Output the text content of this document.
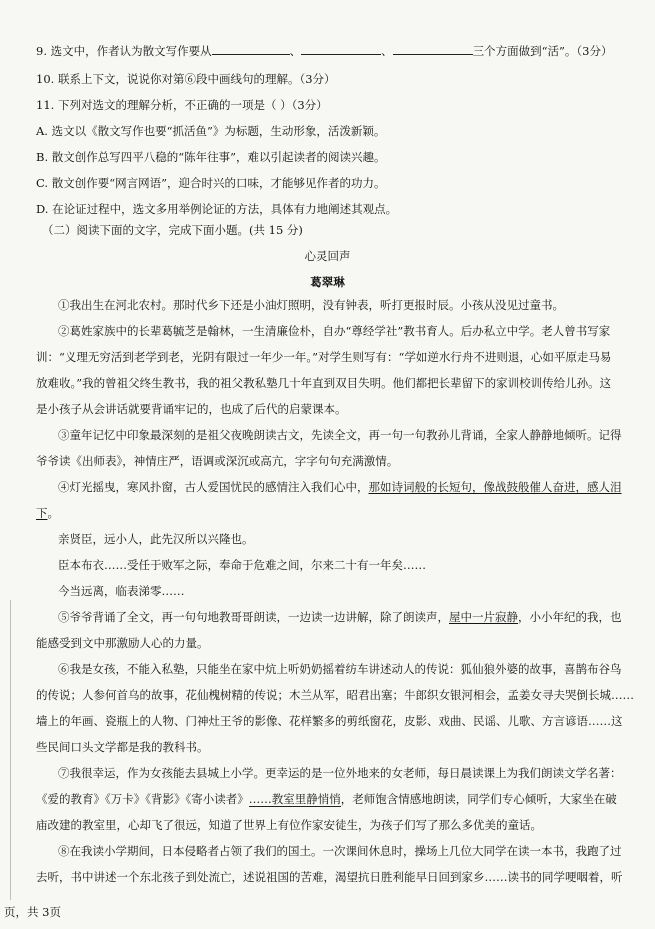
9. 选文中，作者认为散文写作要从	、	、	三个方面做到“活”。（3分）
10. 联系上下文，说说你对第⑥段中画线句的理解。（3分）
11. 下列对选文的理解分析，不正确的一项是（ ）（3分）
A. 选文以《散文写作也要“抓活鱼”》为标题，生动形象，活泼新颖。
B. 散文创作总写四平八稳的“陈年往事”，难以引起读者的阅读兴趣。
C. 散文创作要“网言网语”，迎合时兴的口味，才能够见作者的功力。
D. 在论证过程中，选文多用举例论证的方法，具体有力地阐述其观点。
（二）阅读下面的文字，完成下面小题。(共 15 分)
心灵回声
葛翠琳
①我出生在河北农村。那时代乡下还是小油灯照明，没有钟表，听打更报时辰。小孩从没见过童书。
②葛姓家族中的长辈葛毓芝是翰林，一生清廉俭朴，自办“尊经学社”教书育人。后办私立中学。老人曾书写家
训：“义理无穷活到老学到老，光阴有限过一年少一年。”对学生则写有：“学如逆水行舟不进则退，心如平原走马易
放难收。”我的曾祖父终生教书，我的祖父教私塾几十年直到双目失明。他们都把长辈留下的家训校训传给儿孙。这
是小孩子从会讲话就要背诵牢记的，也成了后代的启蒙课本。
③童年记忆中印象最深刻的是祖父夜晚朗读古文，先读全文，再一句一句教孙儿背诵，全家人静静地倾听。记得
爷爷读《出师表》，神情庄严，语调或深沉或高亢，字字句句充满激情。
④灯光摇曳，寒风扑窗，古人爱国忧民的感情注入我们心中，那如诗词般的长短句，像战鼓般催人奋进，感人泪
下。
亲贤臣，远小人，此先汉所以兴隆也。
臣本布衣……受任于败军之际，奉命于危难之间，尔来二十有一年矣……
今当远离，临表涕零……
⑤爷爷背诵了全文，再一句句地教哥哥朗读，一边读一边讲解，除了朗读声，屋中一片寂静，小小年纪的我，也
能感受到文中那激励人心的力量。
⑥我是女孩，不能入私塾，只能坐在家中炕上听奶奶摇着纺车讲述动人的传说：狐仙狼外婆的故事，喜鹊布谷鸟
的传说；人参何首乌的故事，花仙槐树精的传说；木兰从军，昭君出塞；牛郎织女银河相会，孟姜女寻夫哭倒长城……
墙上的年画、瓷瓶上的人物、门神灶王爷的影像、花样繁多的剪纸窗花，皮影、戏曲、民谣、儿歌、方言谚语……这
些民间口头文学都是我的教科书。
⑦我很幸运，作为女孩能去县城上小学。更幸运的是一位外地来的女老师，每日晨读课上为我们朗读文学名著：
《爱的教育》《万卡》《背影》《寄小读者》……教室里静悄悄，老师饱含情感地朗读，同学们专心倾听，大家坐在破
庙改建的教室里，心却飞了很远，知道了世界上有位作家安徒生，为孩子们写了那么多优美的童话。
⑧在我读小学期间，日本侵略者占领了我们的国土。一次课间休息时，操场上几位大同学在读一本书，我跑了过
去听，书中讲述一个东北孩子到处流亡，述说祖国的苦难，渴望抗日胜利能早日回到家乡……读书的同学哽咽着，听
页，共 3页
